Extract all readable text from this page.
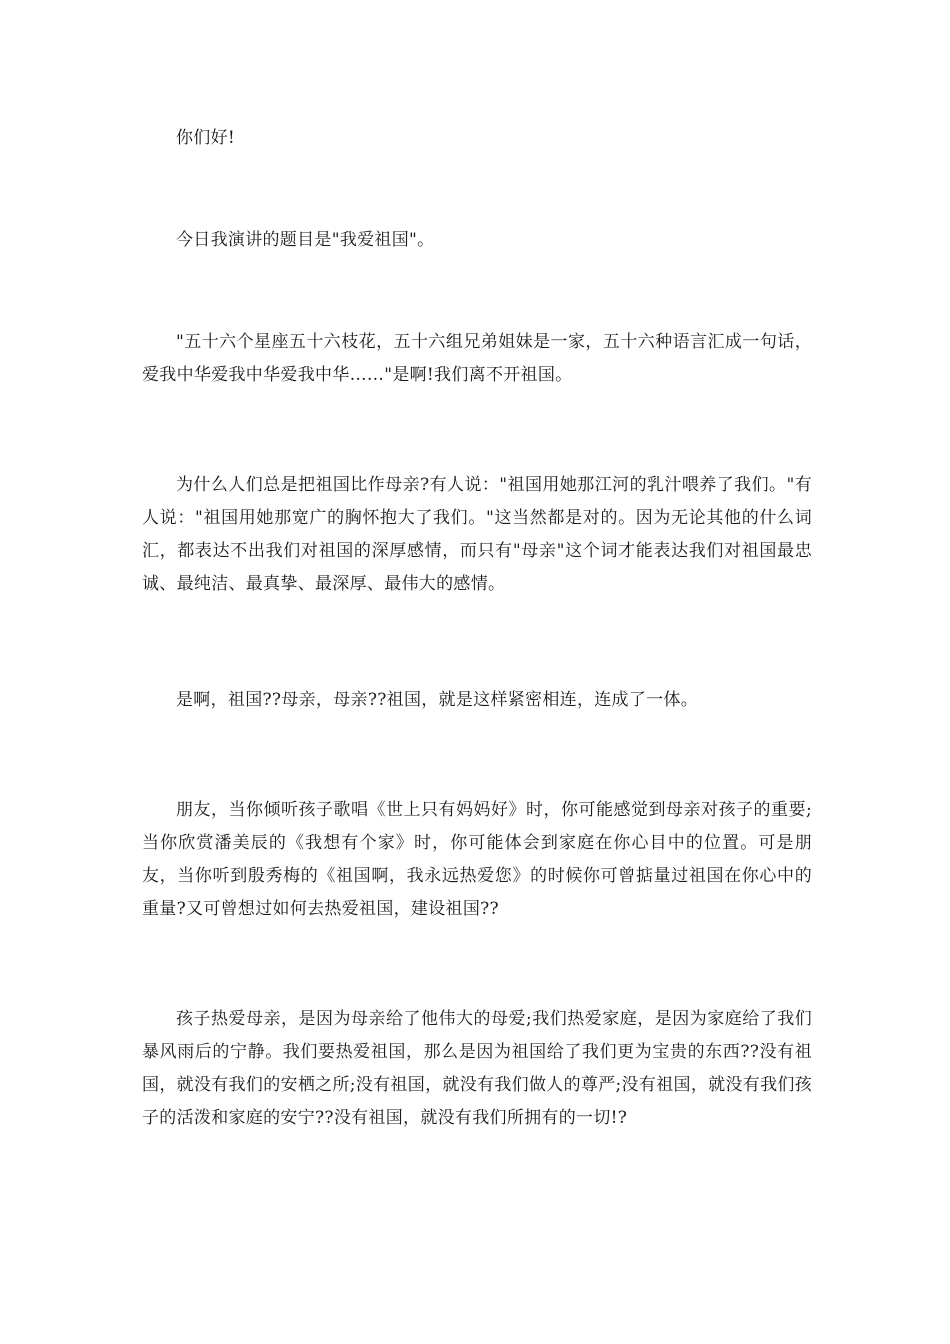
你们好!

今日我演讲的题目是"我爱祖国"。

"五十六个星座五十六枝花，五十六组兄弟姐妹是一家，五十六种语言汇成一句话，爱我中华爱我中华爱我中华……"是啊!我们离不开祖国。

为什么人们总是把祖国比作母亲?有人说："祖国用她那江河的乳汁喂养了我们。"有人说："祖国用她那宽广的胸怀抱大了我们。"这当然都是对的。因为无论其他的什么词汇，都表达不出我们对祖国的深厚感情，而只有"母亲"这个词才能表达我们对祖国最忠诚、最纯洁、最真挚、最深厚、最伟大的感情。

是啊，祖国??母亲，母亲??祖国，就是这样紧密相连，连成了一体。

朋友，当你倾听孩子歌唱《世上只有妈妈好》时，你可能感觉到母亲对孩子的重要;当你欣赏潘美辰的《我想有个家》时，你可能体会到家庭在你心目中的位置。可是朋友，当你听到殷秀梅的《祖国啊，我永远热爱您》的时候你可曾掂量过祖国在你心中的重量?又可曾想过如何去热爱祖国，建设祖国??

孩子热爱母亲，是因为母亲给了他伟大的母爱;我们热爱家庭，是因为家庭给了我们暴风雨后的宁静。我们要热爱祖国，那么是因为祖国给了我们更为宝贵的东西??没有祖国，就没有我们的安栖之所;没有祖国，就没有我们做人的尊严;没有祖国，就没有我们孩子的活泼和家庭的安宁??没有祖国，就没有我们所拥有的一切!?
